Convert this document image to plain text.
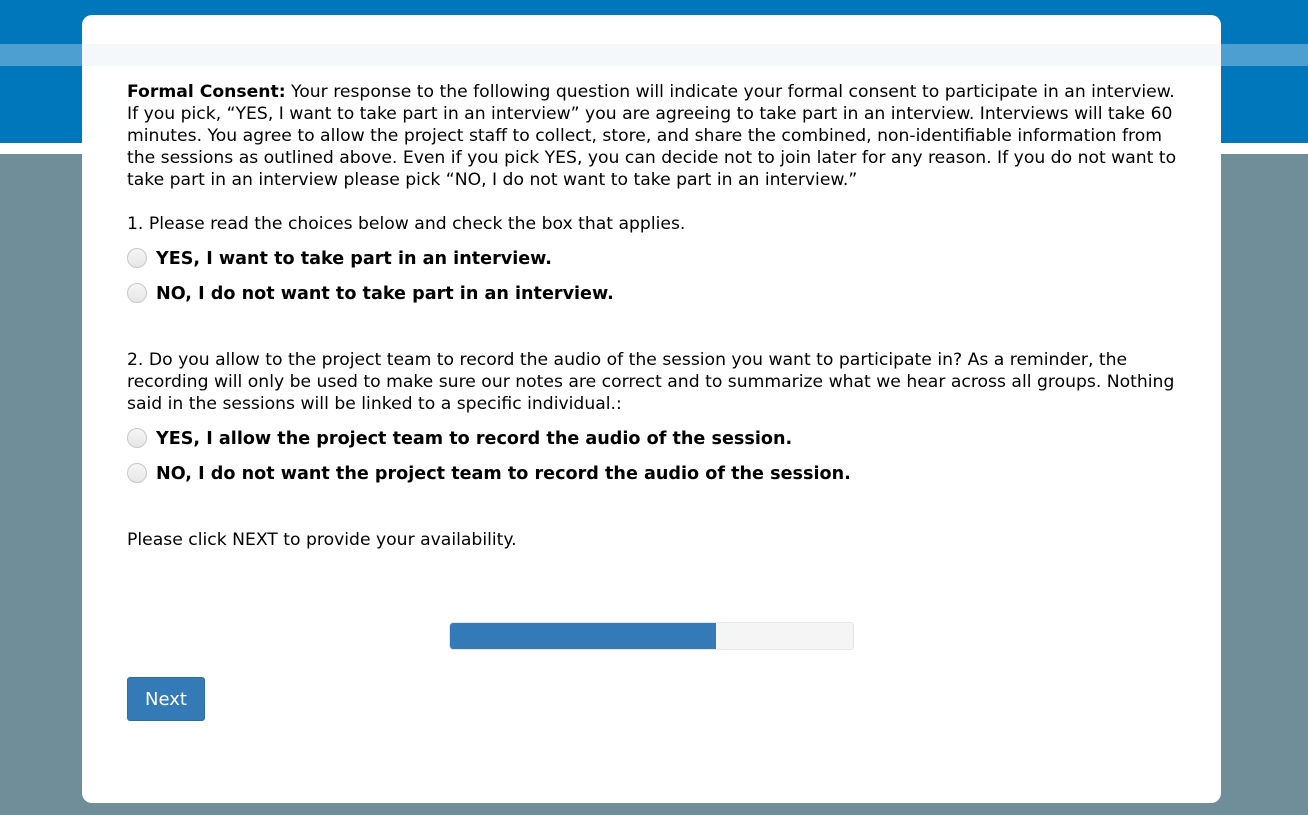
Formal Consent: Your response to the following question will indicate your formal consent to participate in an interview. If you pick, “YES, I want to take part in an interview” you are agreeing to take part in an interview. Interviews will take 60 minutes. You agree to allow the project staff to collect, store, and share the combined, non-identifiable information from the sessions as outlined above. Even if you pick YES, you can decide not to join later for any reason. If you do not want to take part in an interview please pick “NO, I do not want to take part in an interview.”

1. Please read the choices below and check the box that applies.

YES, I want to take part in an interview.
NO, I do not want to take part in an interview.

2. Do you allow to the project team to record the audio of the session you want to participate in? As a reminder, the recording will only be used to make sure our notes are correct and to summarize what we hear across all groups. Nothing said in the sessions will be linked to a specific individual.:

YES, I allow the project team to record the audio of the session.
NO, I do not want the project team to record the audio of the session.

Please click NEXT to provide your availability.

Next
